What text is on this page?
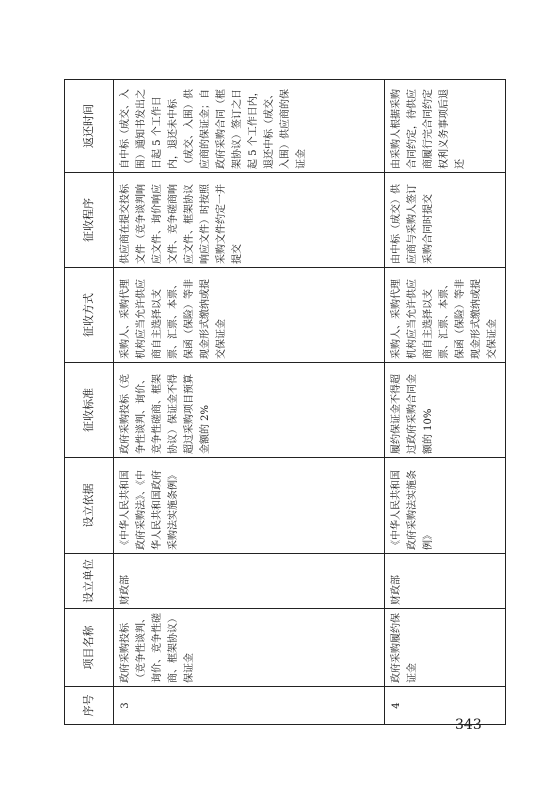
序号	项目名称	设立单位	设立依据	征收标准	征收方式	征收程序	返还时间
3	政府采购投标（竞争性谈判、询价、竞争性磋商、框架协议）保证金	财政部	《中华人民共和国政府采购法》、《中华人民共和国政府采购法实施条例》	政府采购投标（竞争性谈判、询价、竞争性磋商、框架协议）保证金不得超过采购项目预算金额的 2%	采购人、采购代理机构应当允许供应商自主选择以支票、汇票、本票、保函（保险）等非现金形式缴纳或提交保证金	供应商在提交投标文件（竞争谈判响应文件、询价响应文件、竞争磋商响应文件、框架协议响应文件）时按照采购文件约定一并提交	自中标（成交、入围）通知书发出之日起 5 个工作日内，退还未中标（成交、入围）供应商的保证金；自政府采购合同（框架协议）签订之日起 5 个工作日内，退还中标（成交、入围）供应商的保证金
4	政府采购履约保证金	财政部	《中华人民共和国政府采购法实施条例》	履约保证金不得超过政府采购合同金额的 10%	采购人、采购代理机构应当允许供应商自主选择以支票、汇票、本票、保函（保险）等非现金形式缴纳或提交保证金	由中标（成交）供应商与采购人签订采购合同时提交	由采购人根据采购合同约定，待供应商履行完合同约定权利义务事项后退还
343
